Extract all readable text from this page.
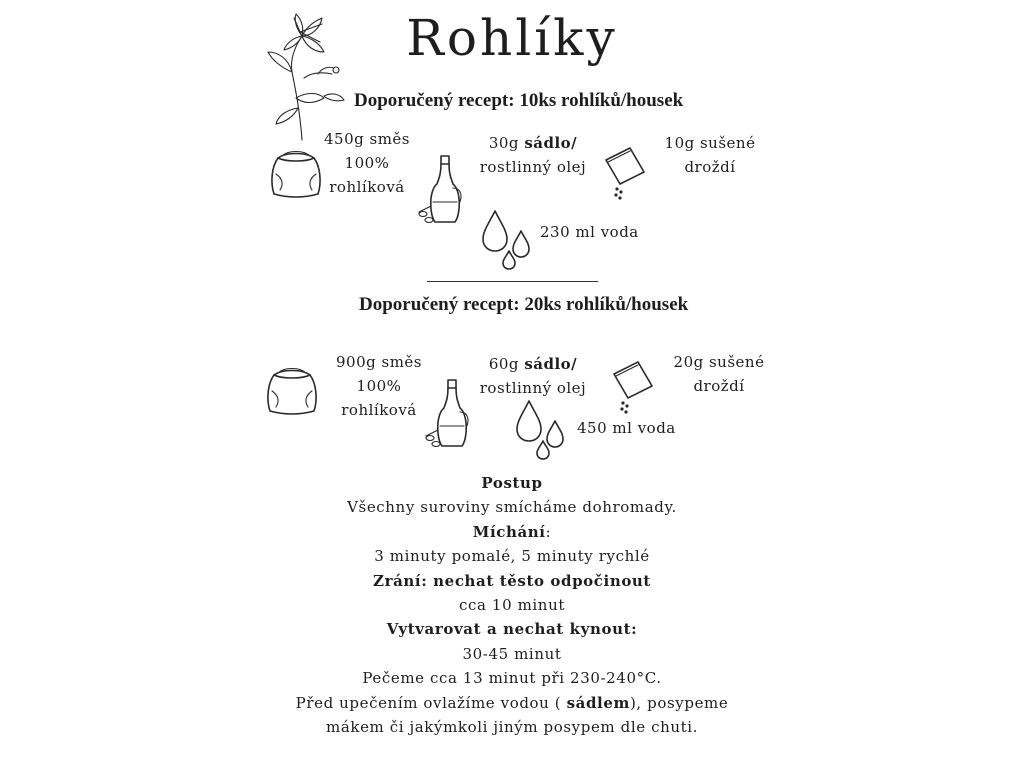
Rohlíky
Doporučený recept: 10ks rohlíků/housek
450g směs
100%
rohlíková
30g sádlo/
rostlinný olej
10g sušené
droždí
230 ml voda
Doporučený recept: 20ks rohlíků/housek
900g směs
100%
rohlíková
60g sádlo/
rostlinný olej
450 ml voda
20g sušené
droždí
Postup
Všechny suroviny smícháme dohromady.
Míchání:
3 minuty pomalé, 5 minuty rychlé
Zrání: nechat těsto odpočinout
cca 10 minut
Vytvarovat a nechat kynout:
30-45 minut
Pečeme cca 13 minut při 230-240°C.
Před upečením ovlažíme vodou ( sádlem), posypeme
mákem či jakýmkoli jiným posypem dle chuti.
